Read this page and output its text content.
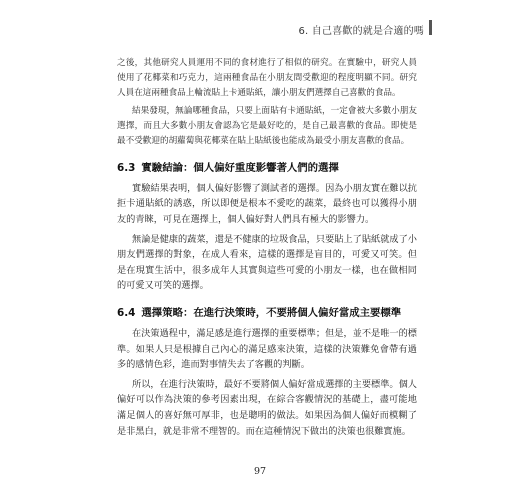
6. 自己喜歡的就是合適的嗎

之後，其他研究人員運用不同的食材進行了相似的研究。在實驗中，研究人員使用了花椰菜和巧克力，這兩種食品在小朋友間受歡迎的程度明顯不同。研究人員在這兩種食品上輪流貼上卡通貼紙，讓小朋友們選擇自己喜歡的食品。

結果發現，無論哪種食品，只要上面貼有卡通貼紙，一定會被大多數小朋友選擇，而且大多數小朋友會認為它是最好吃的，是自己最喜歡的食品。即使是最不受歡迎的胡蘿蔔與花椰菜在貼上貼紙後也能成為最受小朋友喜歡的食品。

6.3 實驗結論：個人偏好重度影響著人們的選擇

實驗結果表明，個人偏好影響了測試者的選擇。因為小朋友實在難以抗拒卡通貼紙的誘惑，所以即便是根本不愛吃的蔬菜，最終也可以獲得小朋友的青睞，可見在選擇上，個人偏好對人們具有極大的影響力。

無論是健康的蔬菜，還是不健康的垃圾食品，只要貼上了貼紙就成了小朋友們選擇的對象，在成人看來，這樣的選擇是盲目的，可愛又可笑。但是在現實生活中，很多成年人其實與這些可愛的小朋友一樣，也在做相同的可愛又可笑的選擇。

6.4 選擇策略：在進行決策時，不要將個人偏好當成主要標準

在決策過程中，滿足感是進行選擇的重要標準；但是，並不是唯一的標準。如果人只是根據自己內心的滿足感來決策，這樣的決策難免會帶有過多的感情色彩，進而對事情失去了客觀的判斷。

所以，在進行決策時，最好不要將個人偏好當成選擇的主要標準。個人偏好可以作為決策的參考因素出現，在綜合客觀情況的基礎上，盡可能地滿足個人的喜好無可厚非，也是聰明的做法。如果因為個人偏好而模糊了是非黑白，就是非常不理智的。而在這種情況下做出的決策也很難實施。

97
